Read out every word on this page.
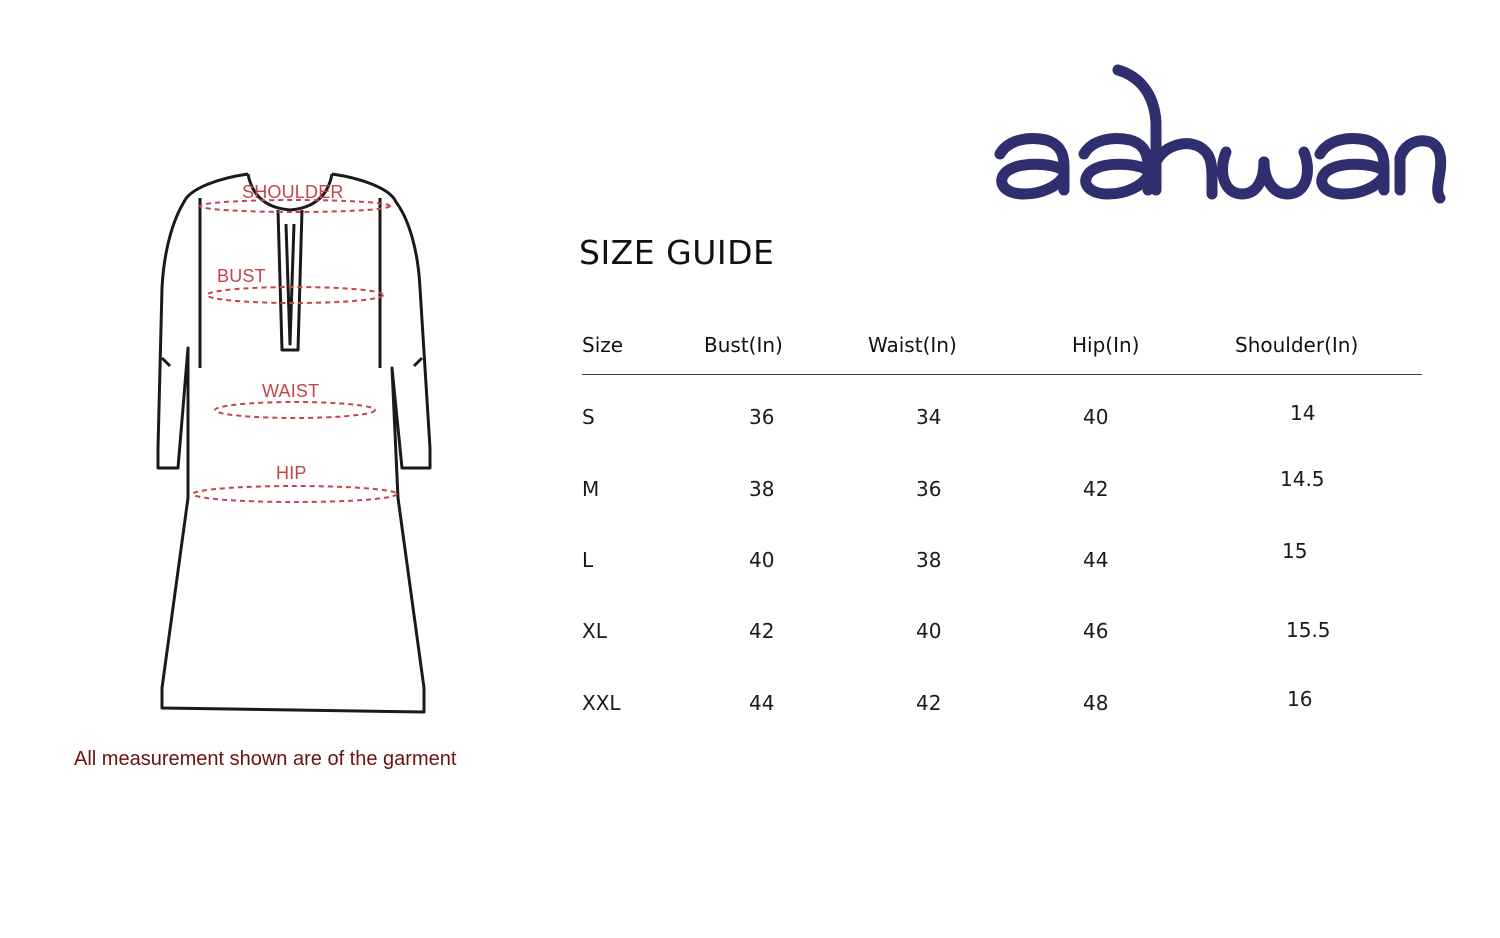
SHOULDER
BUST
WAIST
HIP
All measurement shown are of the garment
SIZE GUIDE
Size	Bust(In)	Waist(In)	Hip(In)	Shoulder(In)
S	36	34	40	14
M	38	36	42	14.5
L	40	38	44	15
XL	42	40	46	15.5
XXL	44	42	48	16
